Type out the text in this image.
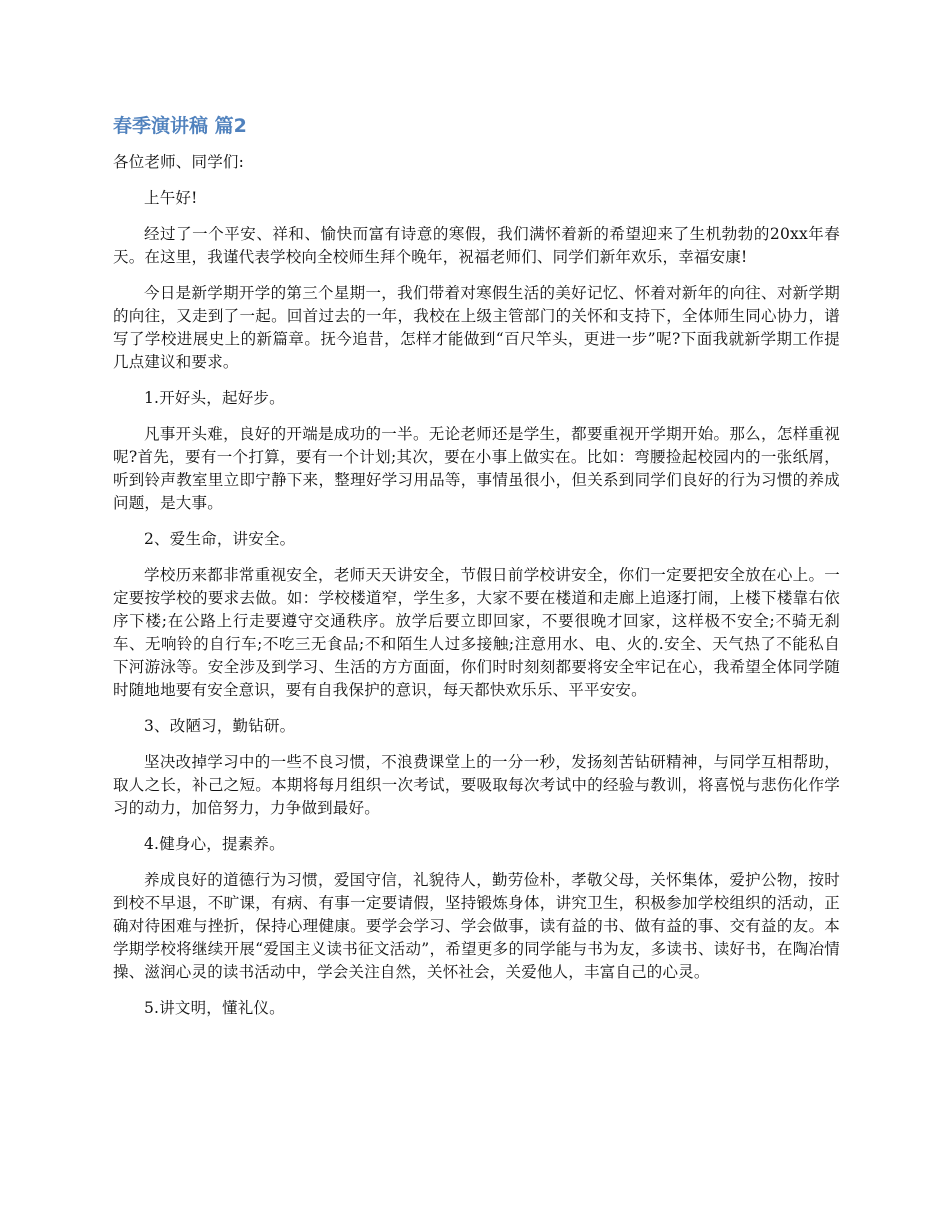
春季演讲稿 篇2

各位老师、同学们:

上午好!

经过了一个平安、祥和、愉快而富有诗意的寒假，我们满怀着新的希望迎来了生机勃勃的20xx年春天。在这里，我谨代表学校向全校师生拜个晚年，祝福老师们、同学们新年欢乐，幸福安康!

今日是新学期开学的第三个星期一，我们带着对寒假生活的美好记忆、怀着对新年的向往、对新学期的向往，又走到了一起。回首过去的一年，我校在上级主管部门的关怀和支持下，全体师生同心协力，谱写了学校进展史上的新篇章。抚今追昔，怎样才能做到“百尺竿头，更进一步”呢?下面我就新学期工作提几点建议和要求。

1.开好头，起好步。

凡事开头难，良好的开端是成功的一半。无论老师还是学生，都要重视开学期开始。那么，怎样重视呢?首先，要有一个打算，要有一个计划;其次，要在小事上做实在。比如：弯腰捡起校园内的一张纸屑，听到铃声教室里立即宁静下来，整理好学习用品等，事情虽很小，但关系到同学们良好的行为习惯的养成问题，是大事。

2、爱生命，讲安全。

学校历来都非常重视安全，老师天天讲安全，节假日前学校讲安全，你们一定要把安全放在心上。一定要按学校的要求去做。如：学校楼道窄，学生多，大家不要在楼道和走廊上追逐打闹，上楼下楼靠右依序下楼;在公路上行走要遵守交通秩序。放学后要立即回家，不要很晚才回家，这样极不安全;不骑无刹车、无响铃的自行车;不吃三无食品;不和陌生人过多接触;注意用水、电、火的.安全、天气热了不能私自下河游泳等。安全涉及到学习、生活的方方面面，你们时时刻刻都要将安全牢记在心，我希望全体同学随时随地地要有安全意识，要有自我保护的意识，每天都快欢乐乐、平平安安。

3、改陋习，勤钻研。

坚决改掉学习中的一些不良习惯，不浪费课堂上的一分一秒，发扬刻苦钻研精神，与同学互相帮助，取人之长，补己之短。本期将每月组织一次考试，要吸取每次考试中的经验与教训，将喜悦与悲伤化作学习的动力，加倍努力，力争做到最好。

4.健身心，提素养。

养成良好的道德行为习惯，爱国守信，礼貌待人，勤劳俭朴，孝敬父母，关怀集体，爱护公物，按时到校不早退，不旷课，有病、有事一定要请假，坚持锻炼身体，讲究卫生，积极参加学校组织的活动，正确对待困难与挫折，保持心理健康。要学会学习、学会做事，读有益的书、做有益的事、交有益的友。本学期学校将继续开展“爱国主义读书征文活动”，希望更多的同学能与书为友，多读书、读好书，在陶冶情操、滋润心灵的读书活动中，学会关注自然，关怀社会，关爱他人，丰富自己的心灵。

5.讲文明，懂礼仪。
